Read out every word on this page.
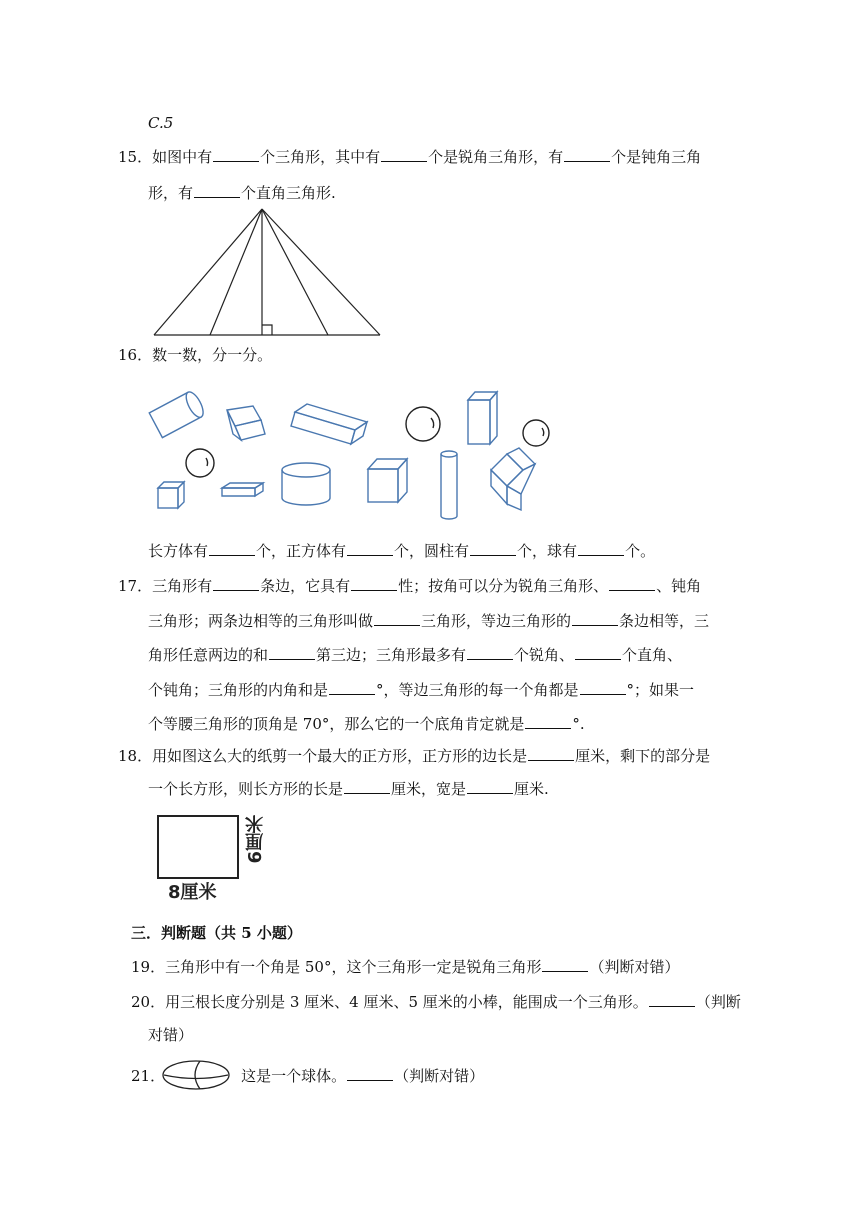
C.5
15．如图中有	个三角形，其中有	个是锐角三角形，有	个是钝角三角
形，有	个直角三角形.
16．数一数，分一分。
长方体有	个，正方体有	个，圆柱有	个，球有	个。
17．三角形有	条边，它具有	性；按角可以分为锐角三角形、	、钝角
三角形；两条边相等的三角形叫做	三角形，等边三角形的	条边相等，三
角形任意两边的和	第三边；三角形最多有	个锐角、	个直角、
个钝角；三角形的内角和是	°，等边三角形的每一个角都是	°；如果一
个等腰三角形的顶角是 70°，那么它的一个底角肯定就是	°.
18．用如图这么大的纸剪一个最大的正方形，正方形的边长是	厘米，剩下的部分是
一个长方形，则长方形的长是	厘米，宽是	厘米.
8厘米
6厘米
三．判断题（共 5 小题）
19．三角形中有一个角是 50°，这个三角形一定是锐角三角形	（判断对错）
20．用三根长度分别是 3 厘米、4 厘米、5 厘米的小棒，能围成一个三角形。	（判断
对错）
21．	这是一个球体。	（判断对错）
